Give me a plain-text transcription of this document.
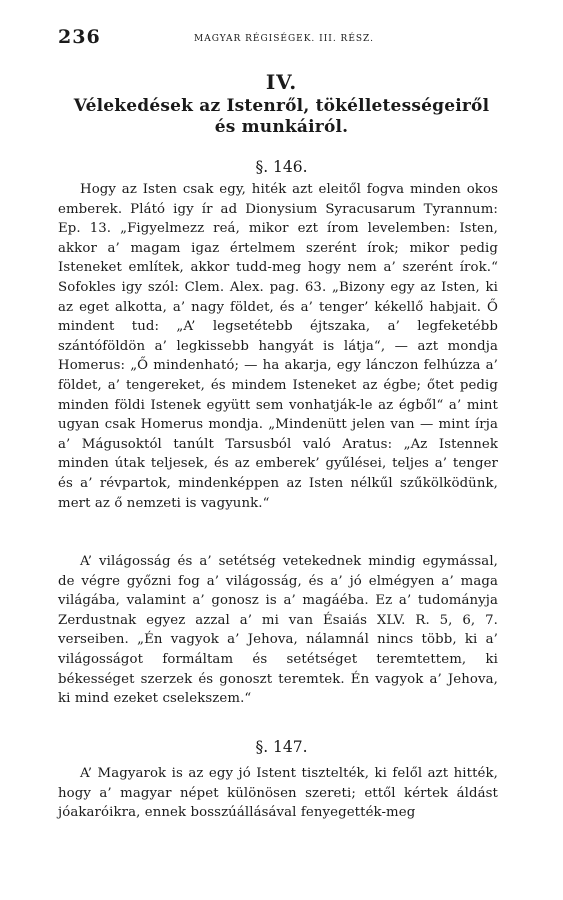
236	MAGYAR RÉGISÉGEK. III. RÉSZ.
IV.
Vélekedések az Istenről, tökélletességeiről
és munkáiról.
§. 146.

Hogy az Isten csak egy, hiték azt eleitől fogva minden okos emberek. Plátó igy ír ad Dionysium Syracusarum Tyrannum: Ep. 13. „Figyelmezz reá, mikor ezt írom levelemben: Isten, akkor a’ magam igaz értelmem szerént írok; mikor pedig Isteneket említek, akkor tudd-meg hogy nem a’ szerént írok.“ Sofokles igy szól: Clem. Alex. pag. 63. „Bizony egy az Isten, ki az eget alkotta, a’ nagy földet, és a’ tenger’ kékellő habjait. Ő mindent tud: „A’ legsetétebb éjtszaka, a’ legfeketébb szántóföldön a’ legkissebb hangyát is látja“, — azt mondja Homerus: „Ő mindenható; — ha akarja, egy lánczon felhúzza a’ földet, a’ tengereket, és mindem Isteneket az égbe; őtet pedig minden földi Istenek együtt sem vonhatják-le az égből“ a’ mint ugyan csak Homerus mondja. „Mindenütt jelen van — mint írja a’ Mágusoktól tanúlt Tarsusból való Aratus: „Az Istennek minden útak teljesek, és az emberek’ gyűlései, teljes a’ tenger és a’ révpartok, mindenképpen az Isten nélkűl szűkölködünk, mert az ő nemzeti is vagyunk.“

A’ világosság és a’ setétség vetekednek mindig egymással, de végre győzni fog a’ világosság, és a’ jó elmégyen a’ maga világába, valamint a’ gonosz is a’ magáéba. Ez a’ tudományja Zerdustnak egyez azzal a’ mi van Ésaiás XLV. R. 5, 6, 7. verseiben. „Én vagyok a’ Jehova, nálamnál nincs több, ki a’ világosságot formáltam és setétséget teremtettem, ki békességet szerzek és gonoszt teremtek. Én vagyok a’ Jehova, ki mind ezeket cselekszem.“

§. 147.

A’ Magyarok is az egy jó Istent tisztelték, ki felől azt hitték, hogy a’ magyar népet különösen szereti; ettől kértek áldást jóakaróikra, ennek bosszúállásával fenyegették-meg
